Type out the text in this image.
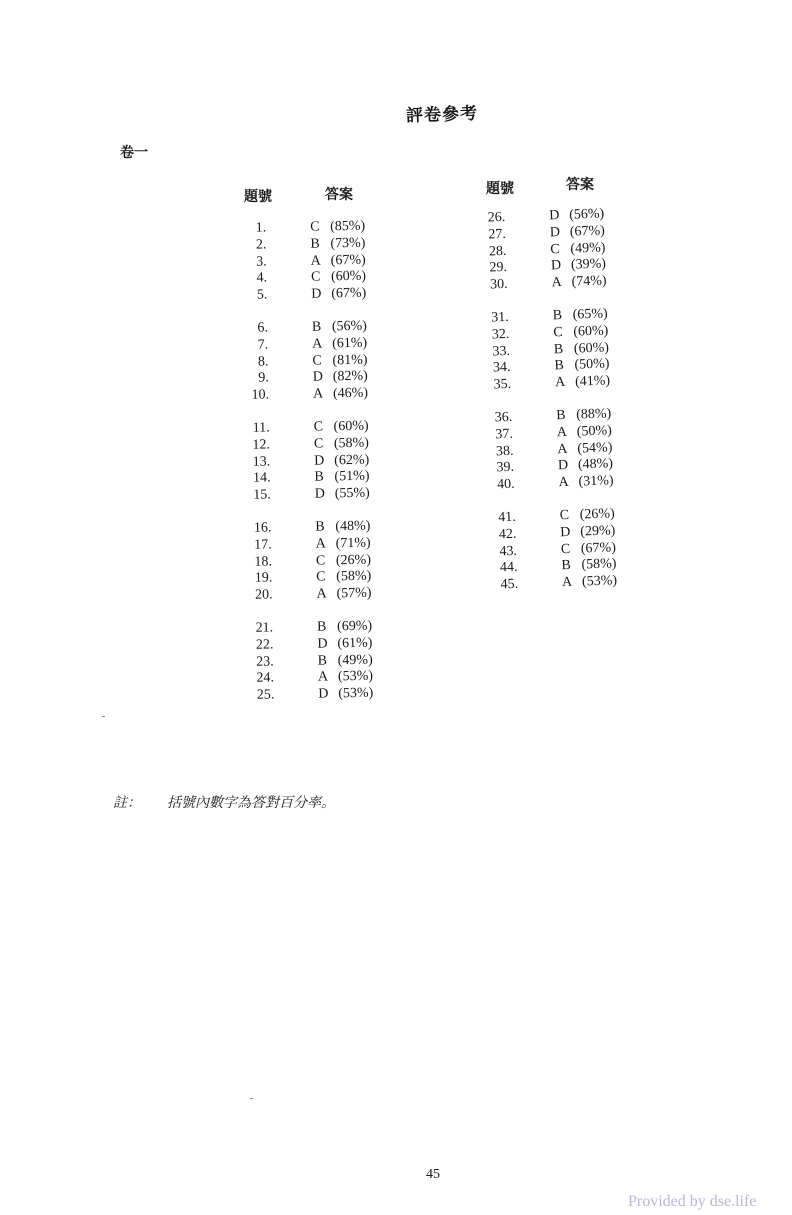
評卷參考
卷一
題號	答案	題號	答案
1.	C (85%)
2.	B (73%)
3.	A (67%)
4.	C (60%)
5.	D (67%)
6.	B (56%)
7.	A (61%)
8.	C (81%)
9.	D (82%)
10.	A (46%)
11.	C (60%)
12.	C (58%)
13.	D (62%)
14.	B (51%)
15.	D (55%)
16.	B (48%)
17.	A (71%)
18.	C (26%)
19.	C (58%)
20.	A (57%)
21.	B (69%)
22.	D (61%)
23.	B (49%)
24.	A (53%)
25.	D (53%)
26.	D (56%)
27.	D (67%)
28.	C (49%)
29.	D (39%)
30.	A (74%)
31.	B (65%)
32.	C (60%)
33.	B (60%)
34.	B (50%)
35.	A (41%)
36.	B (88%)
37.	A (50%)
38.	A (54%)
39.	D (48%)
40.	A (31%)
41.	C (26%)
42.	D (29%)
43.	C (67%)
44.	B (58%)
45.	A (53%)
註： 括號內數字為答對百分率。
45
Provided by dse.life
